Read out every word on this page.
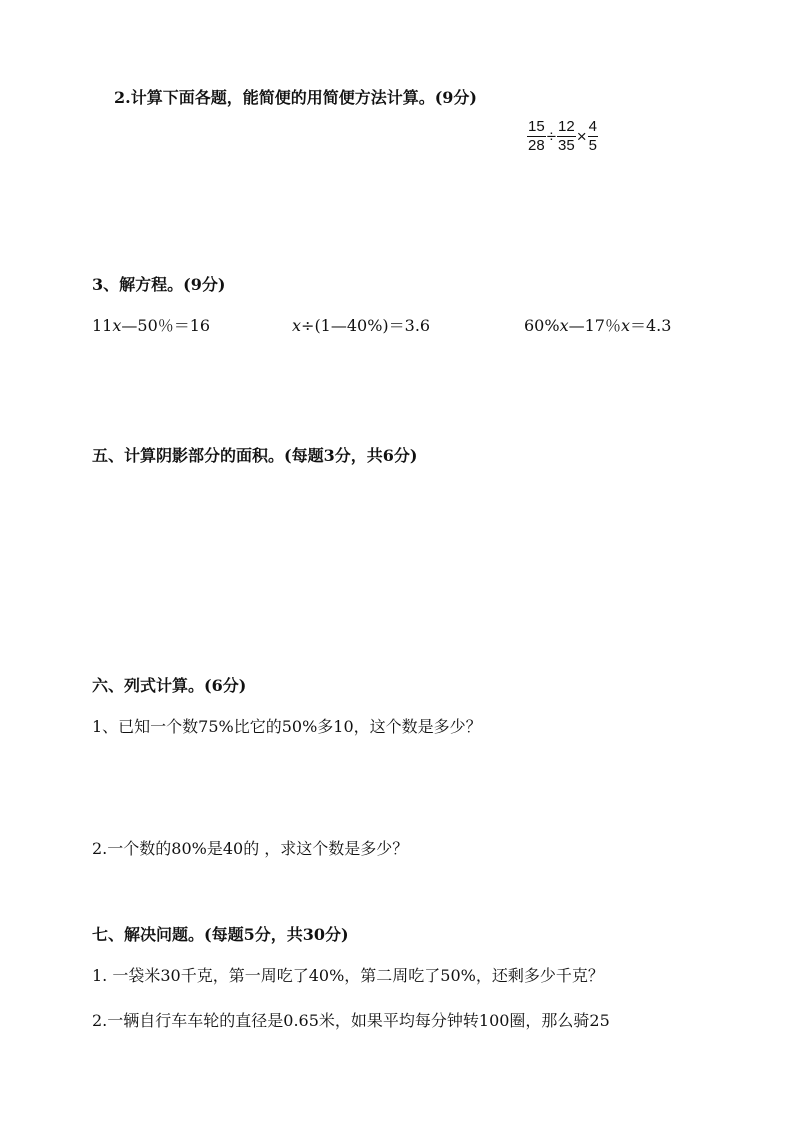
2.计算下面各题，能简便的用简便方法计算。(9分)
15
28 ÷ 12
35 × 4
5
3、解方程。(9分)
11x—50％＝16	x÷(1—40%)＝3.6	60%x—17％x＝4.3
五、计算阴影部分的面积。(每题3分，共6分)
六、列式计算。(6分)
1、已知一个数75%比它的50%多10，这个数是多少？
2.一个数的80%是40的 ，求这个数是多少？
七、解决问题。(每题5分，共30分)
1. 一袋米30千克，第一周吃了40%，第二周吃了50%，还剩多少千克？
2.一辆自行车车轮的直径是0.65米，如果平均每分钟转100圈，那么骑25
